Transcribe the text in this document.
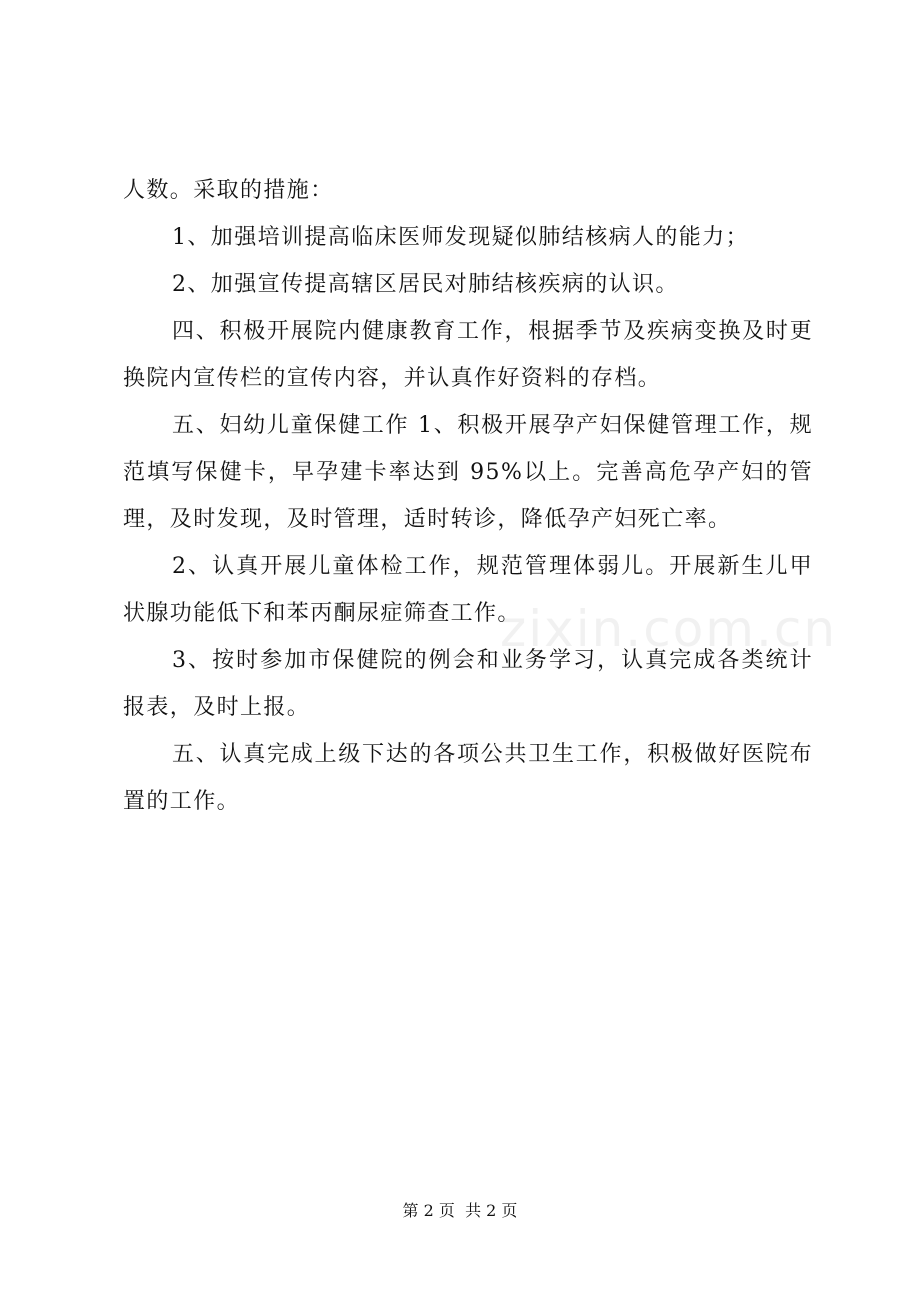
人数。采取的措施：

1、加强培训提高临床医师发现疑似肺结核病人的能力；

2、加强宣传提高辖区居民对肺结核疾病的认识。

四、积极开展院内健康教育工作，根据季节及疾病变换及时更换院内宣传栏的宣传内容，并认真作好资料的存档。

五、妇幼儿童保健工作 1、积极开展孕产妇保健管理工作，规范填写保健卡，早孕建卡率达到 95%以上。完善高危孕产妇的管理，及时发现，及时管理，适时转诊，降低孕产妇死亡率。

2、认真开展儿童体检工作，规范管理体弱儿。开展新生儿甲状腺功能低下和苯丙酮尿症筛查工作。

3、按时参加市保健院的例会和业务学习，认真完成各类统计报表，及时上报。

五、认真完成上级下达的各项公共卫生工作，积极做好医院布置的工作。

zixin.com.cn
第 2 页  共 2 页
